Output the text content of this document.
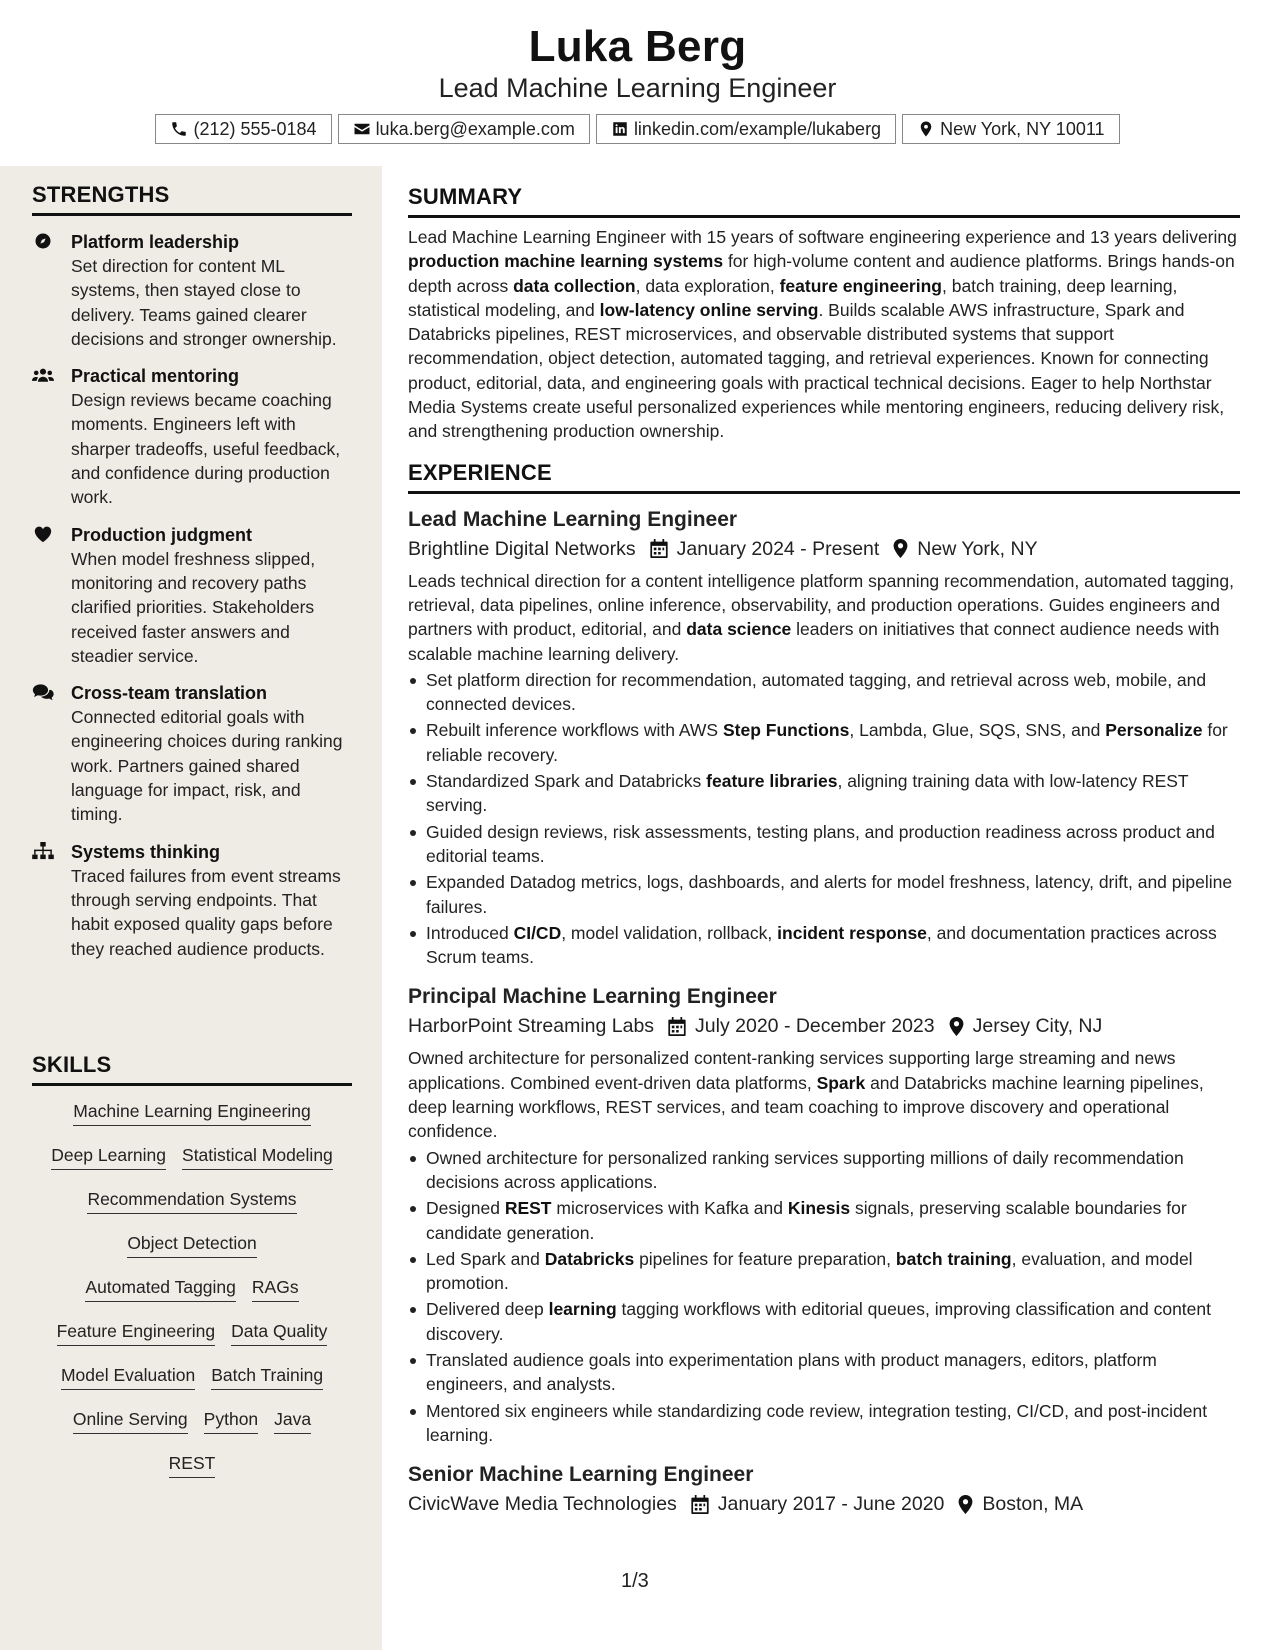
Luka Berg
Lead Machine Learning Engineer
(212) 555-0184	luka.berg@example.com	linkedin.com/example/lukaberg	New York, NY 10011
STRENGTHS
Platform leadership
Set direction for content ML systems, then stayed close to delivery. Teams gained clearer decisions and stronger ownership.
Practical mentoring
Design reviews became coaching moments. Engineers left with sharper tradeoffs, useful feedback, and confidence during production work.
Production judgment
When model freshness slipped, monitoring and recovery paths clarified priorities. Stakeholders received faster answers and steadier service.
Cross-team translation
Connected editorial goals with engineering choices during ranking work. Partners gained shared language for impact, risk, and timing.
Systems thinking
Traced failures from event streams through serving endpoints. That habit exposed quality gaps before they reached audience products.
SKILLS
Machine Learning Engineering
Deep Learning Statistical Modeling
Recommendation Systems
Object Detection
Automated Tagging RAGs
Feature Engineering Data Quality
Model Evaluation Batch Training
Online Serving Python Java
REST
SUMMARY
Lead Machine Learning Engineer with 15 years of software engineering experience and 13 years delivering production machine learning systems for high-volume content and audience platforms. Brings hands-on depth across data collection, data exploration, feature engineering, batch training, deep learning, statistical modeling, and low-latency online serving. Builds scalable AWS infrastructure, Spark and Databricks pipelines, REST microservices, and observable distributed systems that support recommendation, object detection, automated tagging, and retrieval experiences. Known for connecting product, editorial, data, and engineering goals with practical technical decisions. Eager to help Northstar Media Systems create useful personalized experiences while mentoring engineers, reducing delivery risk, and strengthening production ownership.
EXPERIENCE
Lead Machine Learning Engineer
Brightline Digital Networks January 2024 - Present New York, NY
Leads technical direction for a content intelligence platform spanning recommendation, automated tagging, retrieval, data pipelines, online inference, observability, and production operations. Guides engineers and partners with product, editorial, and data science leaders on initiatives that connect audience needs with scalable machine learning delivery.
Set platform direction for recommendation, automated tagging, and retrieval across web, mobile, and connected devices.
Rebuilt inference workflows with AWS Step Functions, Lambda, Glue, SQS, SNS, and Personalize for reliable recovery.
Standardized Spark and Databricks feature libraries, aligning training data with low-latency REST serving.
Guided design reviews, risk assessments, testing plans, and production readiness across product and editorial teams.
Expanded Datadog metrics, logs, dashboards, and alerts for model freshness, latency, drift, and pipeline failures.
Introduced CI/CD, model validation, rollback, incident response, and documentation practices across Scrum teams.
Principal Machine Learning Engineer
HarborPoint Streaming Labs July 2020 - December 2023 Jersey City, NJ
Owned architecture for personalized content-ranking services supporting large streaming and news applications. Combined event-driven data platforms, Spark and Databricks machine learning pipelines, deep learning workflows, REST services, and team coaching to improve discovery and operational confidence.
Owned architecture for personalized ranking services supporting millions of daily recommendation decisions across applications.
Designed REST microservices with Kafka and Kinesis signals, preserving scalable boundaries for candidate generation.
Led Spark and Databricks pipelines for feature preparation, batch training, evaluation, and model promotion.
Delivered deep learning tagging workflows with editorial queues, improving classification and content discovery.
Translated audience goals into experimentation plans with product managers, editors, platform engineers, and analysts.
Mentored six engineers while standardizing code review, integration testing, CI/CD, and post-incident learning.
Senior Machine Learning Engineer
CivicWave Media Technologies January 2017 - June 2020 Boston, MA
1/3
